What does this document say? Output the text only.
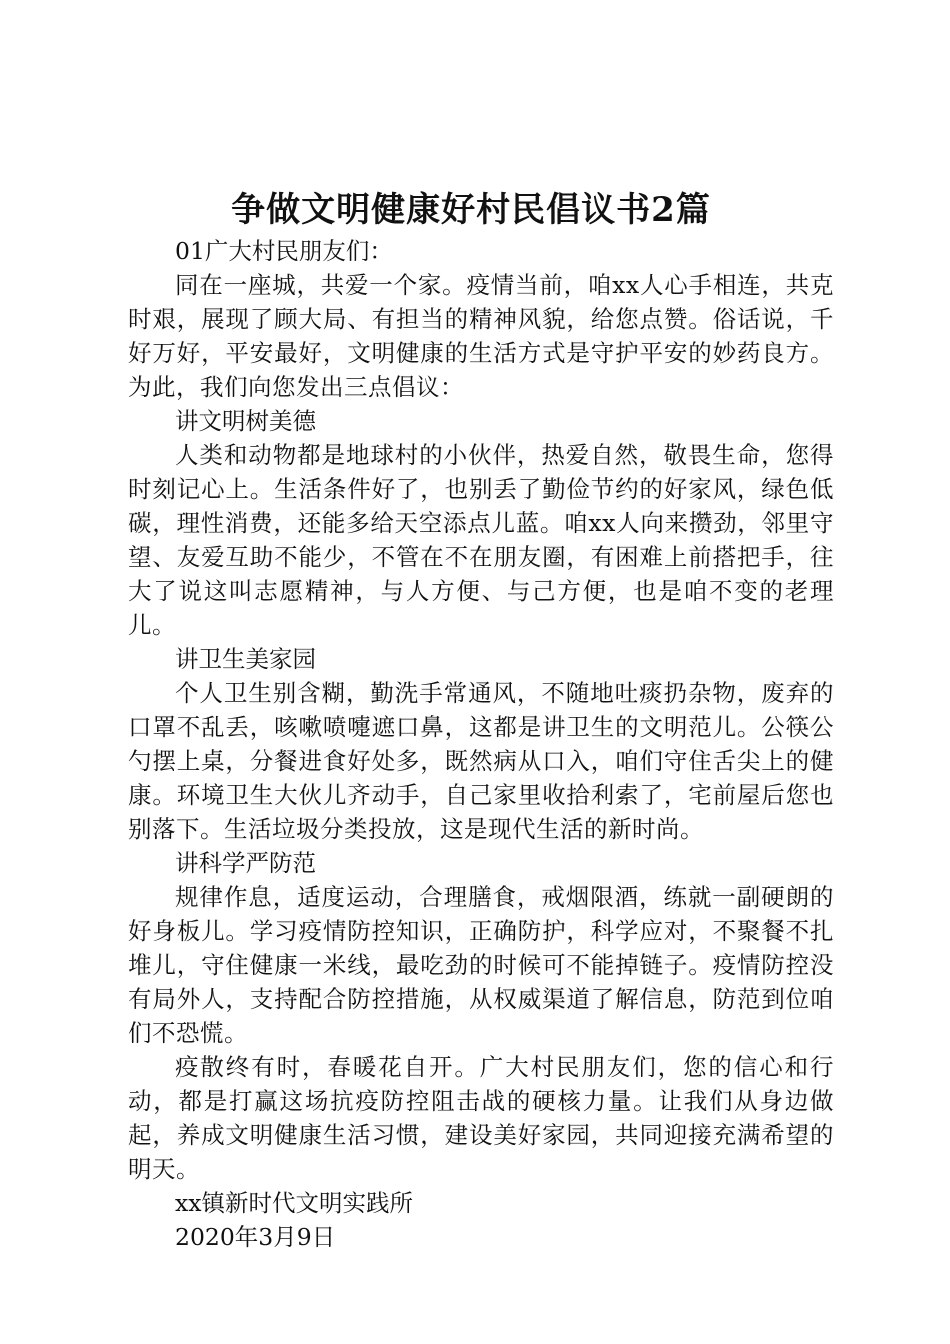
争做文明健康好村民倡议书2篇

01广大村民朋友们：

同在一座城，共爱一个家。疫情当前，咱xx人心手相连，共克时艰，展现了顾大局、有担当的精神风貌，给您点赞。俗话说，千好万好，平安最好，文明健康的生活方式是守护平安的妙药良方。为此，我们向您发出三点倡议：

讲文明树美德

人类和动物都是地球村的小伙伴，热爱自然，敬畏生命，您得时刻记心上。生活条件好了，也别丢了勤俭节约的好家风，绿色低碳，理性消费，还能多给天空添点儿蓝。咱xx人向来攒劲，邻里守望、友爱互助不能少，不管在不在朋友圈，有困难上前搭把手，往大了说这叫志愿精神，与人方便、与己方便，也是咱不变的老理儿。

讲卫生美家园

个人卫生别含糊，勤洗手常通风，不随地吐痰扔杂物，废弃的口罩不乱丢，咳嗽喷嚏遮口鼻，这都是讲卫生的文明范儿。公筷公勺摆上桌，分餐进食好处多，既然病从口入，咱们守住舌尖上的健康。环境卫生大伙儿齐动手，自己家里收拾利索了，宅前屋后您也别落下。生活垃圾分类投放，这是现代生活的新时尚。

讲科学严防范

规律作息，适度运动，合理膳食，戒烟限酒，练就一副硬朗的好身板儿。学习疫情防控知识，正确防护，科学应对，不聚餐不扎堆儿，守住健康一米线，最吃劲的时候可不能掉链子。疫情防控没有局外人，支持配合防控措施，从权威渠道了解信息，防范到位咱们不恐慌。

疫散终有时，春暖花自开。广大村民朋友们，您的信心和行动，都是打赢这场抗疫防控阻击战的硬核力量。让我们从身边做起，养成文明健康生活习惯，建设美好家园，共同迎接充满希望的明天。

xx镇新时代文明实践所

2020年3月9日
